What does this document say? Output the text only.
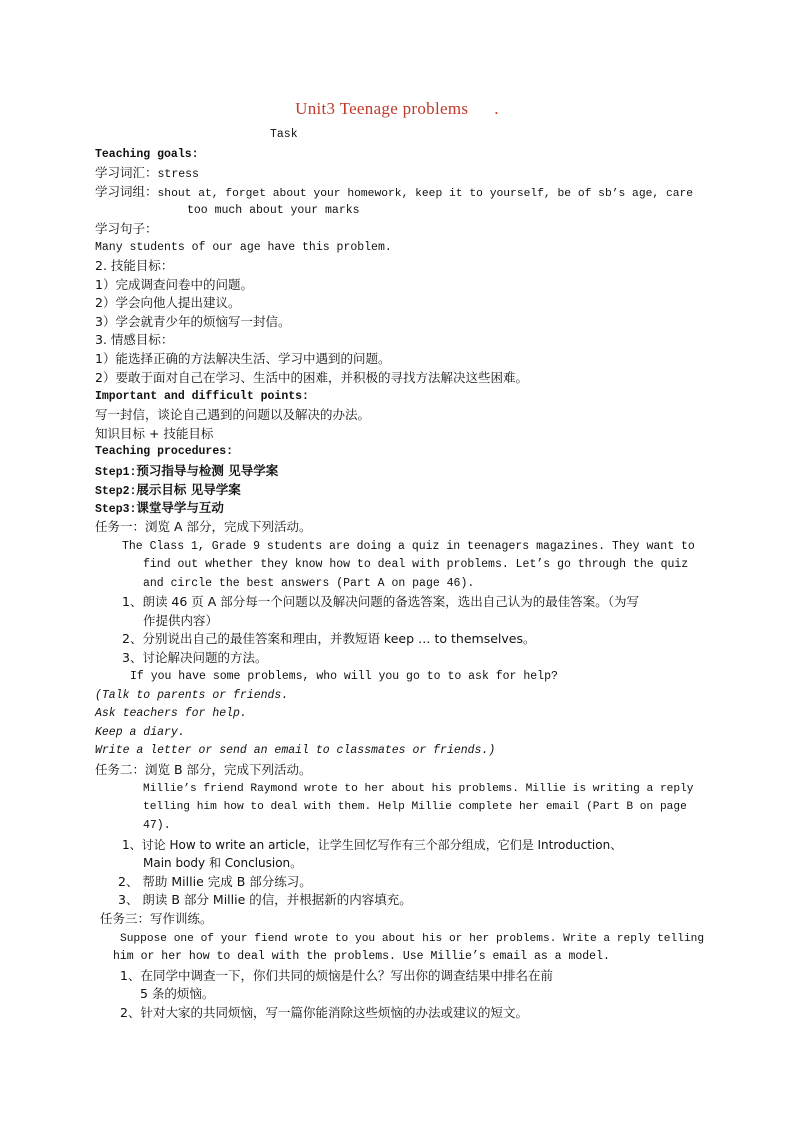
Unit3 Teenage problems .
Task
Teaching goals:
学习词汇：stress
学习词组：shout at, forget about your homework, keep it to yourself, be of sb’s age, care
too much about your marks
学习句子：
Many students of our age have this problem.
2. 技能目标：
1）完成调查问卷中的问题。
2）学会向他人提出建议。
3）学会就青少年的烦恼写一封信。
3. 情感目标：
1）能选择正确的方法解决生活、学习中遇到的问题。
2）要敢于面对自己在学习、生活中的困难，并积极的寻找方法解决这些困难。
Important and difficult points:
写一封信，谈论自己遇到的问题以及解决的办法。
知识目标 + 技能目标
Teaching procedures:
Step1:预习指导与检测 见导学案
Step2:展示目标 见导学案
Step3:课堂导学与互动
任务一：浏览 A 部分，完成下列活动。
The Class 1, Grade 9 students are doing a quiz in teenagers magazines. They want to
find out whether they know how to deal with problems. Let’s go through the quiz
and circle the best answers (Part A on page 46).
1、朗读 46 页 A 部分每一个问题以及解决问题的备选答案，选出自己认为的最佳答案。（为写
作提供内容）
2、分别说出自己的最佳答案和理由，并教短语 keep … to themselves。
3、讨论解决问题的方法。
If you have some problems, who will you go to to ask for help?
(Talk to parents or friends.
Ask teachers for help.
Keep a diary.
Write a letter or send an email to classmates or friends.)
任务二：浏览 B 部分，完成下列活动。
Millie’s friend Raymond wrote to her about his problems. Millie is writing a reply
telling him how to deal with them. Help Millie complete her email (Part B on page
47).
1、讨论 How to write an article，让学生回忆写作有三个部分组成，它们是 Introduction、
Main body 和 Conclusion。
2、 帮助 Millie 完成 B 部分练习。
3、 朗读 B 部分 Millie 的信，并根据新的内容填充。
任务三：写作训练。
Suppose one of your fiend wrote to you about his or her problems. Write a reply telling
him or her how to deal with the problems. Use Millie’s email as a model.
1、在同学中调查一下，你们共同的烦恼是什么？写出你的调查结果中排名在前
5 条的烦恼。
2、针对大家的共同烦恼，写一篇你能消除这些烦恼的办法或建议的短文。
